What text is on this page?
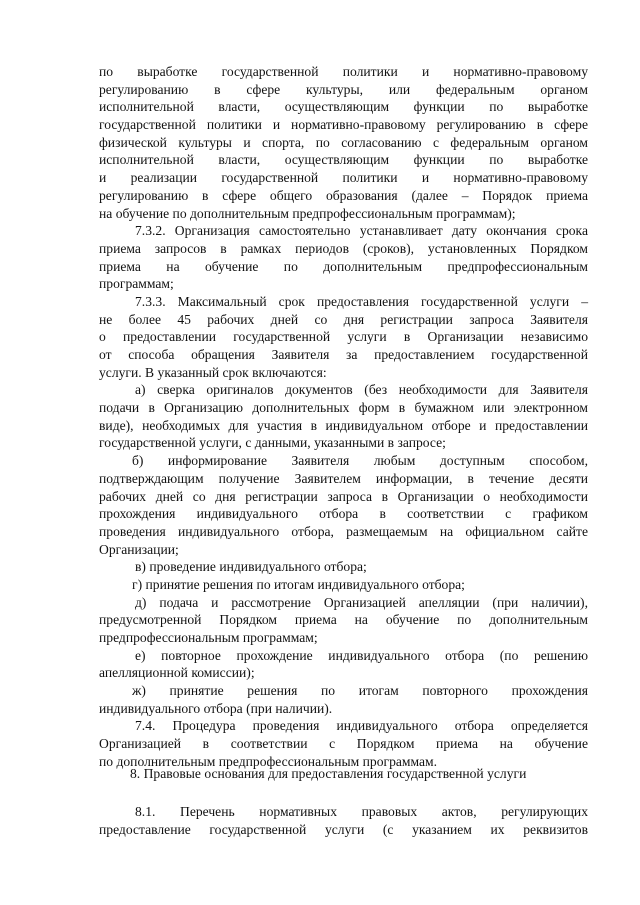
по выработке государственной политики и нормативно-правовому
регулированию в сфере культуры, или федеральным органом
исполнительной власти, осуществляющим функции по выработке
государственной политики и нормативно-правовому регулированию в сфере
физической культуры и спорта, по согласованию с федеральным органом
исполнительной власти, осуществляющим функции по выработке
и реализации государственной политики и нормативно-правовому
регулированию в сфере общего образования (далее – Порядок приема
на обучение по дополнительным предпрофессиональным программам);
7.3.2. Организация самостоятельно устанавливает дату окончания срока
приема запросов в рамках периодов (сроков), установленных Порядком
приема на обучение по дополнительным предпрофессиональным
программам;
7.3.3. Максимальный срок предоставления государственной услуги –
не более 45 рабочих дней со дня регистрации запроса Заявителя
о предоставлении государственной услуги в Организации независимо
от способа обращения Заявителя за предоставлением государственной
услуги. В указанный срок включаются:
а) сверка оригиналов документов (без необходимости для Заявителя
подачи в Организацию дополнительных форм в бумажном или электронном
виде), необходимых для участия в индивидуальном отборе и предоставлении
государственной услуги, с данными, указанными в запросе;
б) информирование Заявителя любым доступным способом,
подтверждающим получение Заявителем информации, в течение десяти
рабочих дней со дня регистрации запроса в Организации о необходимости
прохождения индивидуального отбора в соответствии с графиком
проведения индивидуального отбора, размещаемым на официальном сайте
Организации;
в) проведение индивидуального отбора;
г) принятие решения по итогам индивидуального отбора;
д) подача и рассмотрение Организацией апелляции (при наличии),
предусмотренной Порядком приема на обучение по дополнительным
предпрофессиональным программам;
е) повторное прохождение индивидуального отбора (по решению
апелляционной комиссии);
ж) принятие решения по итогам повторного прохождения
индивидуального отбора (при наличии).
7.4. Процедура проведения индивидуального отбора определяется
Организацией в соответствии с Порядком приема на обучение
по дополнительным предпрофессиональным программам.
8. Правовые основания для предоставления государственной услуги
8.1. Перечень нормативных правовых актов, регулирующих
предоставление государственной услуги (с указанием их реквизитов
